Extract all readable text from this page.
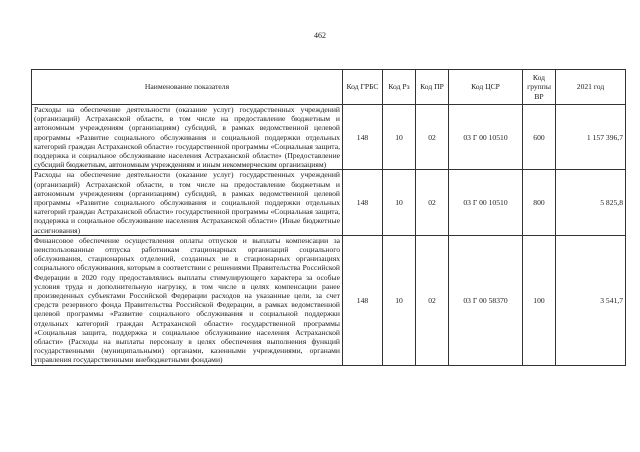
462
Наименование показателя	Код ГРБС	Код Рз	Код ПР	Код ЦСР	Код группы ВР	2021 год
Расходы на обеспечение деятельности (оказание услуг) государственных учреждений (организаций) Астраханской области, в том числе на предоставление бюджетным и автономным учреждениям (организациям) субсидий, в рамках ведомственной целевой программы «Развитие социального обслуживания и социальной поддержки отдельных категорий граждан Астраханской области» государственной программы «Социальная защита, поддержка и социальное обслуживание населения Астраханской области» (Предоставление субсидий бюджетным, автономным учреждениям и иным некоммерческим организациям)	148	10	02	03 Г 00 10510	600	1 157 396,7
Расходы на обеспечение деятельности (оказание услуг) государственных учреждений (организаций) Астраханской области, в том числе на предоставление бюджетным и автономным учреждениям (организациям) субсидий, в рамках ведомственной целевой программы «Развитие социального обслуживания и социальной поддержки отдельных категорий граждан Астраханской области» государственной программы «Социальная защита, поддержка и социальное обслуживание населения Астраханской области» (Иные бюджетные ассигнования)	148	10	02	03 Г 00 10510	800	5 825,8
Финансовое обеспечение осуществления оплаты отпусков и выплаты компенсации за неиспользованные отпуска работникам стационарных организаций социального обслуживания, стационарных отделений, созданных не в стационарных организациях социального обслуживания, которым в соответствии с решениями Правительства Российской Федерации в 2020 году предоставлялись выплаты стимулирующего характера за особые условия труда и дополнительную нагрузку, в том числе в целях компенсации ранее произведенных субъектами Российской Федерации расходов на указанные цели, за счет средств резервного фонда Правительства Российской Федерации, в рамках ведомственной целевой программы «Развитие социального обслуживания и социальной поддержки отдельных категорий граждан Астраханской области» государственной программы «Социальная защита, поддержка и социальное обслуживание населения Астраханской области» (Расходы на выплаты персоналу в целях обеспечения выполнения функций государственными (муниципальными) органами, казенными учреждениями, органами управления государственными внебюджетными фондами)	148	10	02	03 Г 00 58370	100	3 541,7
